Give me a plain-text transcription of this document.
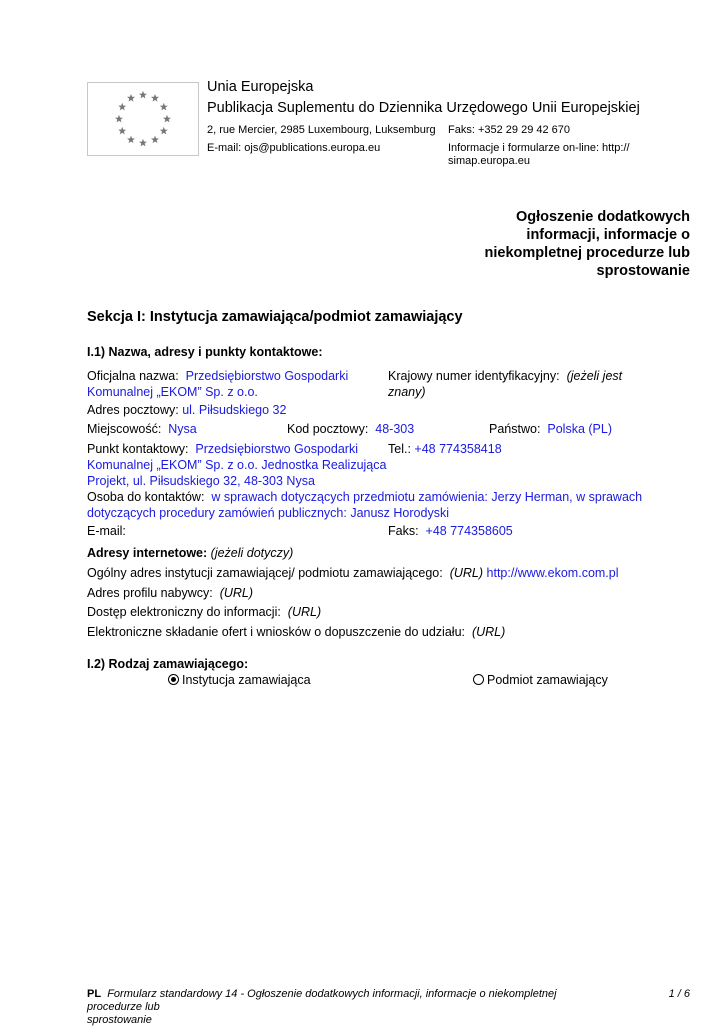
Unia Europejska
Publikacja Suplementu do Dziennika Urzędowego Unii Europejskiej
2, rue Mercier, 2985 Luxembourg, Luksemburg Faks: +352 29 29 42 670
E-mail: ojs@publications.europa.eu	Informacje i formularze on-line: http://
simap.europa.eu
Ogłoszenie dodatkowych
informacji, informacje o
niekompletnej procedurze lub
sprostowanie
Sekcja I: Instytucja zamawiająca/podmiot zamawiający
I.1) Nazwa, adresy i punkty kontaktowe:
Oficjalna nazwa: Przedsiębiorstwo Gospodarki
Komunalnej „EKOM” Sp. z o.o.
Krajowy numer identyfikacyjny: (jeżeli jest
znany)
Adres pocztowy: ul. Piłsudskiego 32
Miejscowość: Nysa	Kod pocztowy: 48-303	Państwo: Polska (PL)
Punkt kontaktowy: Przedsiębiorstwo Gospodarki
Komunalnej „EKOM” Sp. z o.o. Jednostka Realizująca
Projekt, ul. Piłsudskiego 32, 48-303 Nysa
Tel.: +48 774358418
Osoba do kontaktów: w sprawach dotyczących przedmiotu zamówienia: Jerzy Herman, w sprawach
dotyczących procedury zamówień publicznych: Janusz Horodyski
E-mail:	Faks: +48 774358605
Adresy internetowe: (jeżeli dotyczy)
Ogólny adres instytucji zamawiającej/ podmiotu zamawiającego: (URL) http://www.ekom.com.pl
Adres profilu nabywcy: (URL)
Dostęp elektroniczny do informacji: (URL)
Elektroniczne składanie ofert i wniosków o dopuszczenie do udziału: (URL)
I.2) Rodzaj zamawiającego:
Instytucja zamawiająca	Podmiot zamawiający
PL Formularz standardowy 14 - Ogłoszenie dodatkowych informacji, informacje o niekompletnej procedurze lub
sprostowanie
1 / 6
